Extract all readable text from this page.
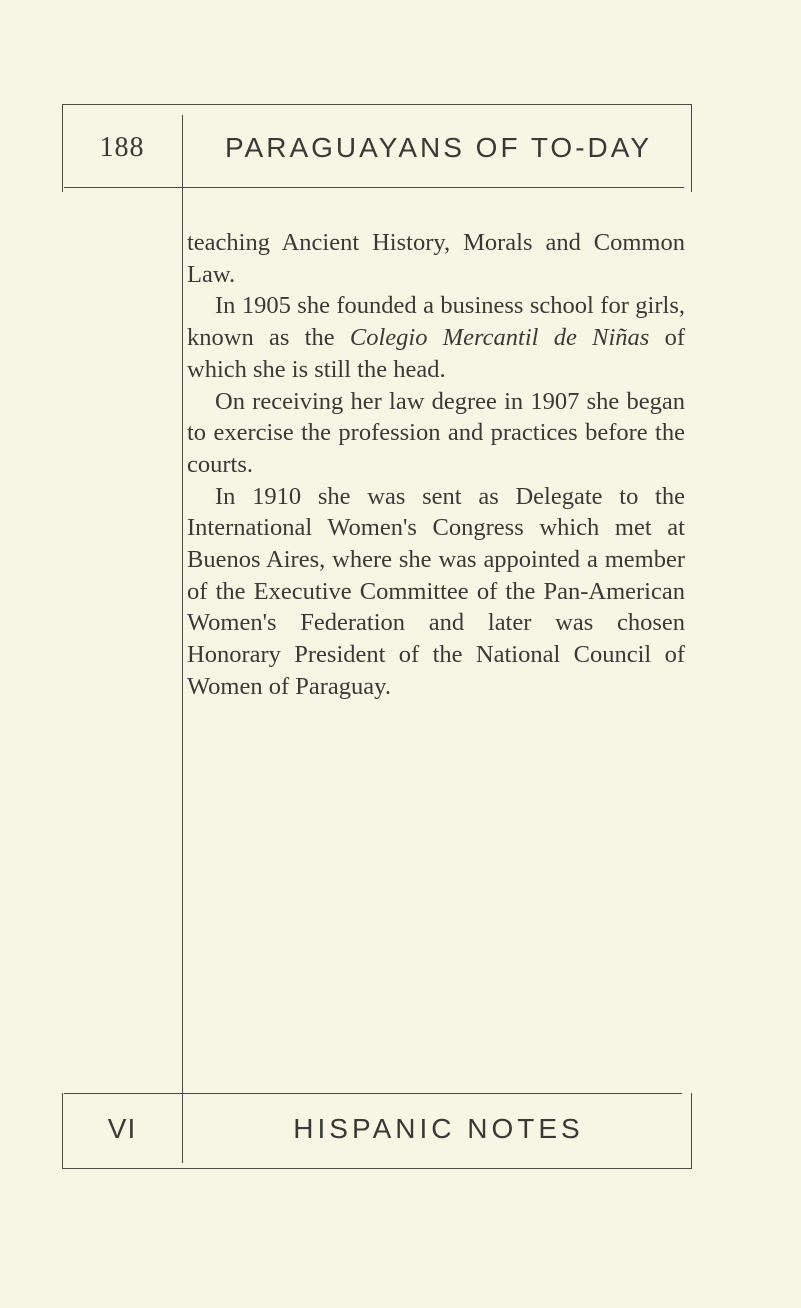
188	PARAGUAYANS OF TO-DAY

teaching Ancient History, Morals and Common Law.

In 1905 she founded a business school for girls, known as the Colegio Mercantil de Niñas of which she is still the head.

On receiving her law degree in 1907 she began to exercise the profession and practices before the courts.

In 1910 she was sent as Delegate to the International Women's Congress which met at Buenos Aires, where she was appointed a member of the Executive Committee of the Pan-American Women's Federation and later was chosen Honorary President of the National Council of Women of Paraguay.

VI	HISPANIC NOTES
